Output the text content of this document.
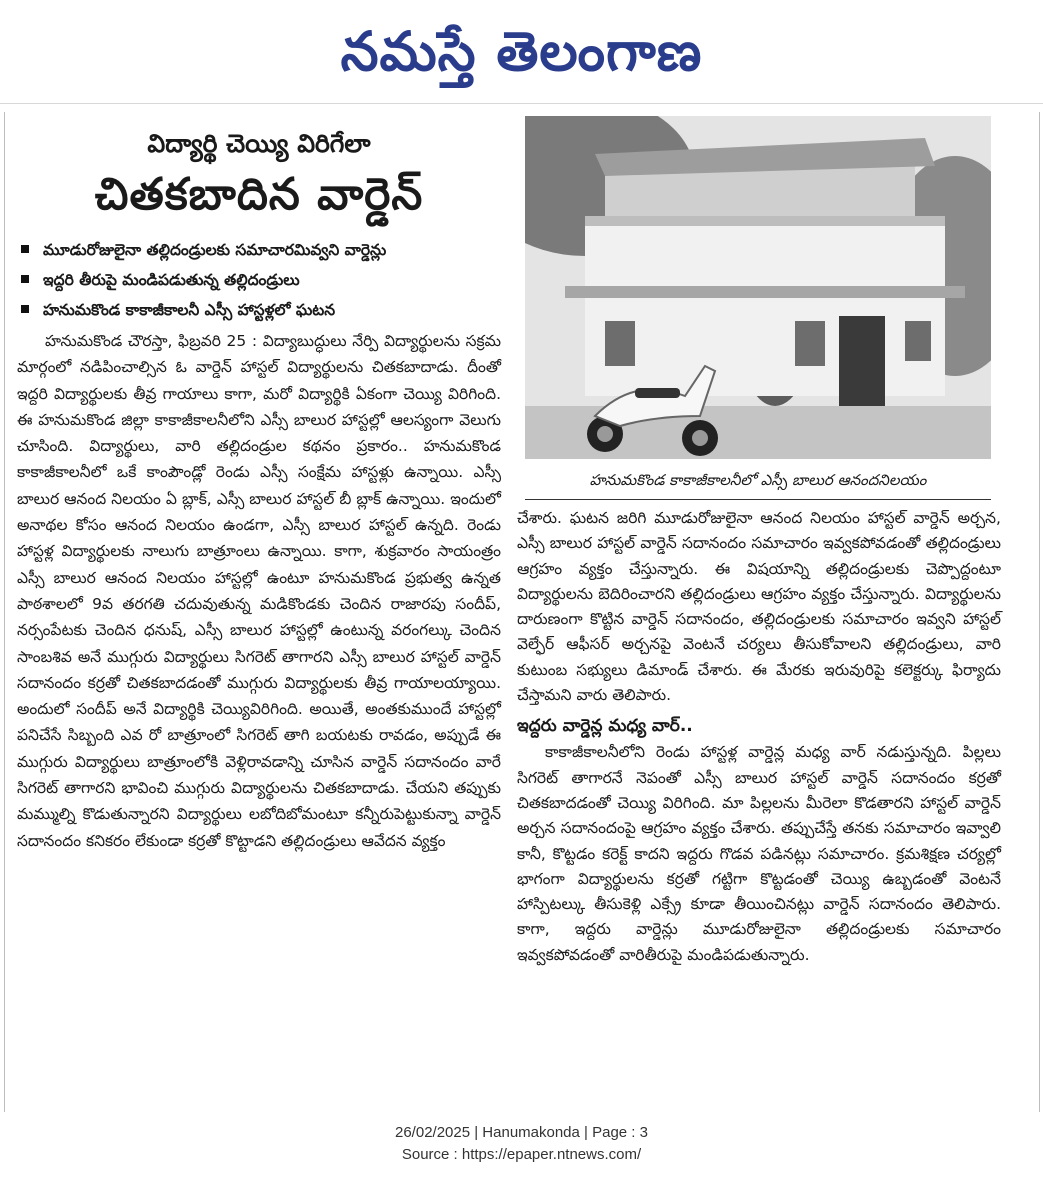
నమస్తే తెలంగాణ
విద్యార్థి చెయ్యి విరిగేలా
చితకబాదిన వార్డెన్
మూడురోజులైనా తల్లిదండ్రులకు సమాచారమివ్వని వార్డెన్లు
ఇద్దరి తీరుపై మండిపడుతున్న తల్లిదండ్రులు
హనుమకొండ కాకాజీకాలనీ ఎస్సీ హాస్టళ్లలో ఘటన

హనుమకొండ చౌరస్తా, ఫిబ్రవరి 25 : విద్యాబుద్ధులు నేర్పి విద్యార్థులను సక్రమ మార్గంలో నడిపించాల్సిన ఓ వార్డెన్ హాస్టల్ విద్యార్థులను చితకబాదాడు. దీంతో ఇద్దరి విద్యార్థులకు తీవ్ర గాయాలు కాగా, మరో విద్యార్థికి ఏకంగా చెయ్యి విరిగింది. ఈ హనుమకొండ జిల్లా కాకాజీకాలనీలోని ఎస్సీ బాలుర హాస్టల్లో ఆలస్యంగా వెలుగు చూసింది. విద్యార్థులు, వారి తల్లిదండ్రుల కథనం ప్రకారం.. హనుమకొండ కాకాజీకాలనీలో ఒకే కాంపౌండ్లో రెండు ఎస్సీ సంక్షేమ హాస్టళ్లు ఉన్నాయి. ఎస్సీ బాలుర ఆనంద నిలయం ఏ బ్లాక్, ఎస్సీ బాలుర హాస్టల్ బీ బ్లాక్ ఉన్నాయి. ఇందులో అనాథల కోసం ఆనంద నిలయం ఉండగా, ఎస్సీ బాలుర హాస్టల్ ఉన్నది. రెండు హాస్టళ్ల విద్యార్థులకు నాలుగు బాత్రూంలు ఉన్నాయి. కాగా, శుక్రవారం సాయంత్రం ఎస్సీ బాలుర ఆనంద నిలయం హాస్టల్లో ఉంటూ హనుమకొండ ప్రభుత్వ ఉన్నత పాఠశాలలో 9వ తరగతి చదువుతున్న మడికొండకు చెందిన రాజారపు సందీప్, నర్సంపేటకు చెందిన ధనుష్, ఎస్సీ బాలుర హాస్టల్లో ఉంటున్న వరంగల్కు చెందిన సాంబశివ అనే ముగ్గురు విద్యార్థులు సిగరెట్ తాగారని ఎస్సీ బాలుర హాస్టల్ వార్డెన్ సదానందం కర్రతో చితకబాదడంతో ముగ్గురు విద్యార్థులకు తీవ్ర గాయాలయ్యాయి. అందులో సందీప్ అనే విద్యార్థికి చెయ్యివిరిగింది. అయితే, అంతకుముందే హాస్టల్లో పనిచేసే సిబ్బంది ఎవ రో బాత్రూంలో సిగరెట్ తాగి బయటకు రావడం, అప్పుడే ఈ ముగ్గురు విద్యార్థులు బాత్రూంలోకి వెళ్లిరావడాన్ని చూసిన వార్డెన్ సదానందం వారే సిగరెట్ తాగారని భావించి ముగ్గురు విద్యార్థులను చితకబాదాడు. చేయని తప్పుకు మమ్ముల్ని కొడుతున్నారని విద్యార్థులు లబోదిబోమంటూ కన్నీరుపెట్టుకున్నా వార్డెన్ సదానందం కనికరం లేకుండా కర్రతో కొట్టాడని తల్లిదండ్రులు ఆవేదన వ్యక్తం

హనుమకొండ కాకాజీకాలనీలో ఎస్సీ బాలుర ఆనందనిలయం

చేశారు. ఘటన జరిగి మూడురోజులైనా ఆనంద నిలయం హాస్టల్ వార్డెన్ అర్చన, ఎస్సీ బాలుర హాస్టల్ వార్డెన్ సదానందం సమాచారం ఇవ్వకపోవడంతో తల్లిదండ్రులు ఆగ్రహం వ్యక్తం చేస్తున్నారు. ఈ విషయాన్ని తల్లిదండ్రులకు చెప్పొద్దంటూ విద్యార్థులను బెదిరించారని తల్లిదండ్రులు ఆగ్రహం వ్యక్తం చేస్తున్నారు. విద్యార్థులను దారుణంగా కొట్టిన వార్డెన్ సదానందం, తల్లిదండ్రులకు సమాచారం ఇవ్వని హాస్టల్ వెల్ఫేర్ ఆఫీసర్ అర్చనపై వెంటనే చర్యలు తీసుకోవాలని తల్లిదండ్రులు, వారి కుటుంబ సభ్యులు డిమాండ్ చేశారు. ఈ మేరకు ఇరువురిపై కలెక్టర్కు ఫిర్యాదు చేస్తామని వారు తెలిపారు.

ఇద్దరు వార్డెన్ల మధ్య వార్..

కాకాజీకాలనీలోని రెండు హాస్టళ్ల వార్డెన్ల మధ్య వార్ నడుస్తున్నది. పిల్లలు సిగరెట్ తాగారనే నెపంతో ఎస్సీ బాలుర హాస్టల్ వార్డెన్ సదానందం కర్రతో చితకబాదడంతో చెయ్యి విరిగింది. మా పిల్లలను మీరెలా కొడతారని హాస్టల్ వార్డెన్ అర్చన సదానందంపై ఆగ్రహం వ్యక్తం చేశారు. తప్పుచేస్తే తనకు సమాచారం ఇవ్వాలి కానీ, కొట్టడం కరెక్ట్ కాదని ఇద్దరు గొడవ పడినట్లు సమాచారం. క్రమశిక్షణ చర్యల్లో భాగంగా విద్యార్థులను కర్రతో గట్టిగా కొట్టడంతో చెయ్యి ఉబ్బడంతో వెంటనే హాస్పిటల్కు తీసుకెళ్లి ఎక్స్రే కూడా తీయించినట్లు వార్డెన్ సదానందం తెలిపారు. కాగా, ఇద్దరు వార్డెన్లు మూడురోజులైనా తల్లిదండ్రులకు సమాచారం ఇవ్వకపోవడంతో వారితీరుపై మండిపడుతున్నారు.

26/02/2025 | Hanumakonda | Page : 3
Source : https://epaper.ntnews.com/
